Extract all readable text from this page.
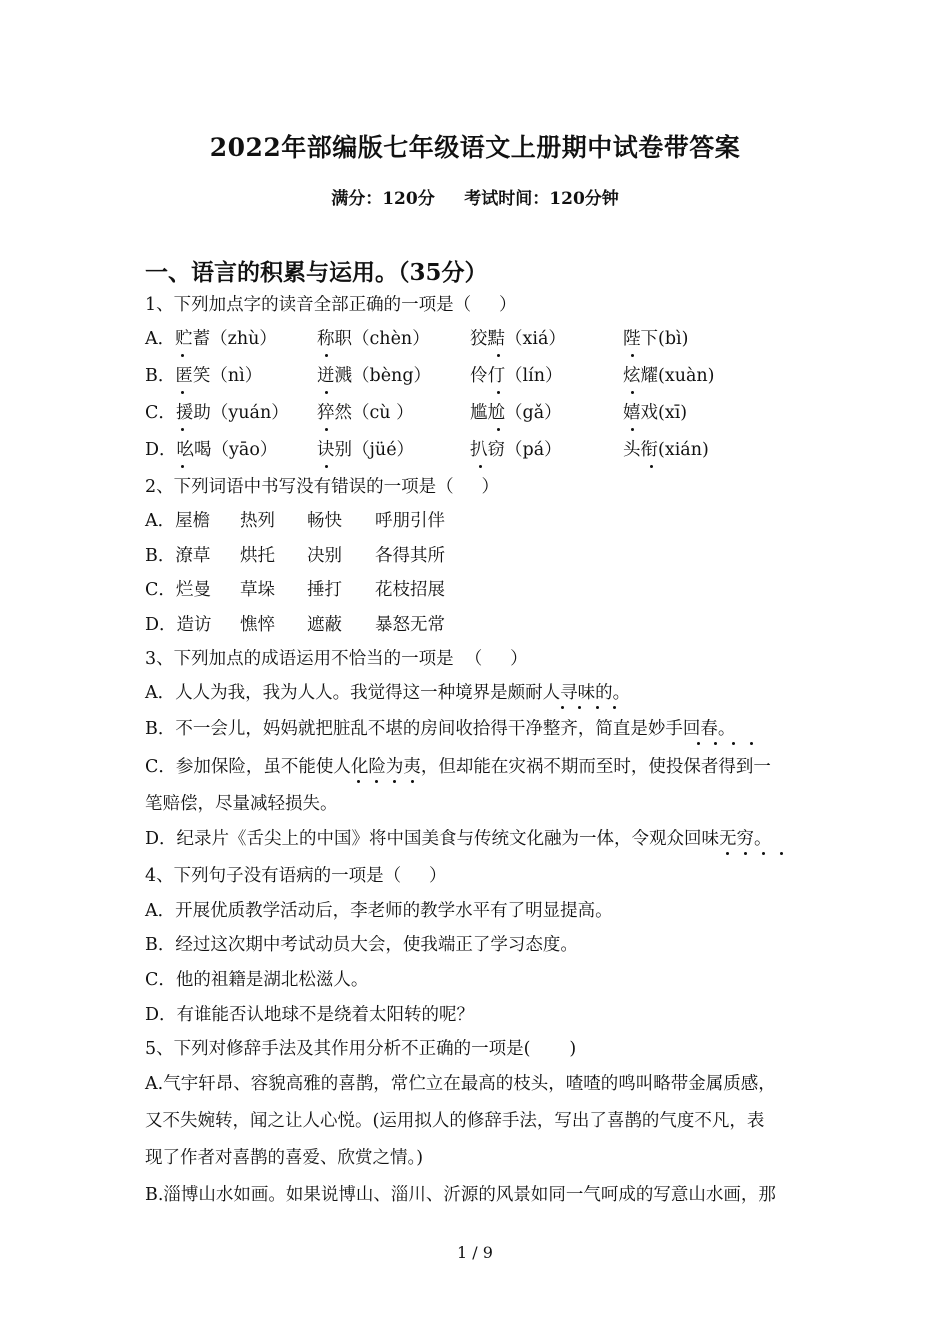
2022年部编版七年级语文上册期中试卷带答案
满分：120分     考试时间：120分钟
一、语言的积累与运用。（35分）
1、下列加点字的读音全部正确的一项是（     ）
A．贮蓄（zhù） 称职（chèn） 狡黠（xiá）	陛下(bì)
B．匿笑（nì）	迸溅（bèng） 伶仃（lín）	炫耀(xuàn)
C．援助（yuán） 猝然（cù ）	尴尬（gǎ）	嬉戏(xī)
D．吆喝（yāo） 诀别（jüé）	扒窃（pá）	头衔(xián)
2、下列词语中书写没有错误的一项是（     ）
A．屋檐 热列 畅快 呼朋引伴
B．潦草 烘托 决别 各得其所
C．烂曼 草垛 捶打 花枝招展
D．造访 憔悴 遮蔽 暴怒无常
3、下列加点的成语运用不恰当的一项是  （     ）
A．人人为我，我为人人。我觉得这一种境界是颇耐人寻味的。
B．不一会儿，妈妈就把脏乱不堪的房间收拾得干净整齐，简直是妙手回春。
C．参加保险，虽不能使人化险为夷，但却能在灾祸不期而至时，使投保者得到一
笔赔偿，尽量减轻损失。
D．纪录片《舌尖上的中国》将中国美食与传统文化融为一体，令观众回味无穷。
4、下列句子没有语病的一项是（     ）
A．开展优质教学活动后，李老师的教学水平有了明显提高。
B．经过这次期中考试动员大会，使我端正了学习态度。
C．他的祖籍是湖北松滋人。
D．有谁能否认地球不是绕着太阳转的呢？
5、下列对修辞手法及其作用分析不正确的一项是(       )
A.气宇轩昂、容貌高雅的喜鹊，常伫立在最高的枝头，喳喳的鸣叫略带金属质感，
又不失婉转，闻之让人心悦。(运用拟人的修辞手法，写出了喜鹊的气度不凡，表
现了作者对喜鹊的喜爱、欣赏之情。)
B.淄博山水如画。如果说博山、淄川、沂源的风景如同一气呵成的写意山水画，那
1 / 9
